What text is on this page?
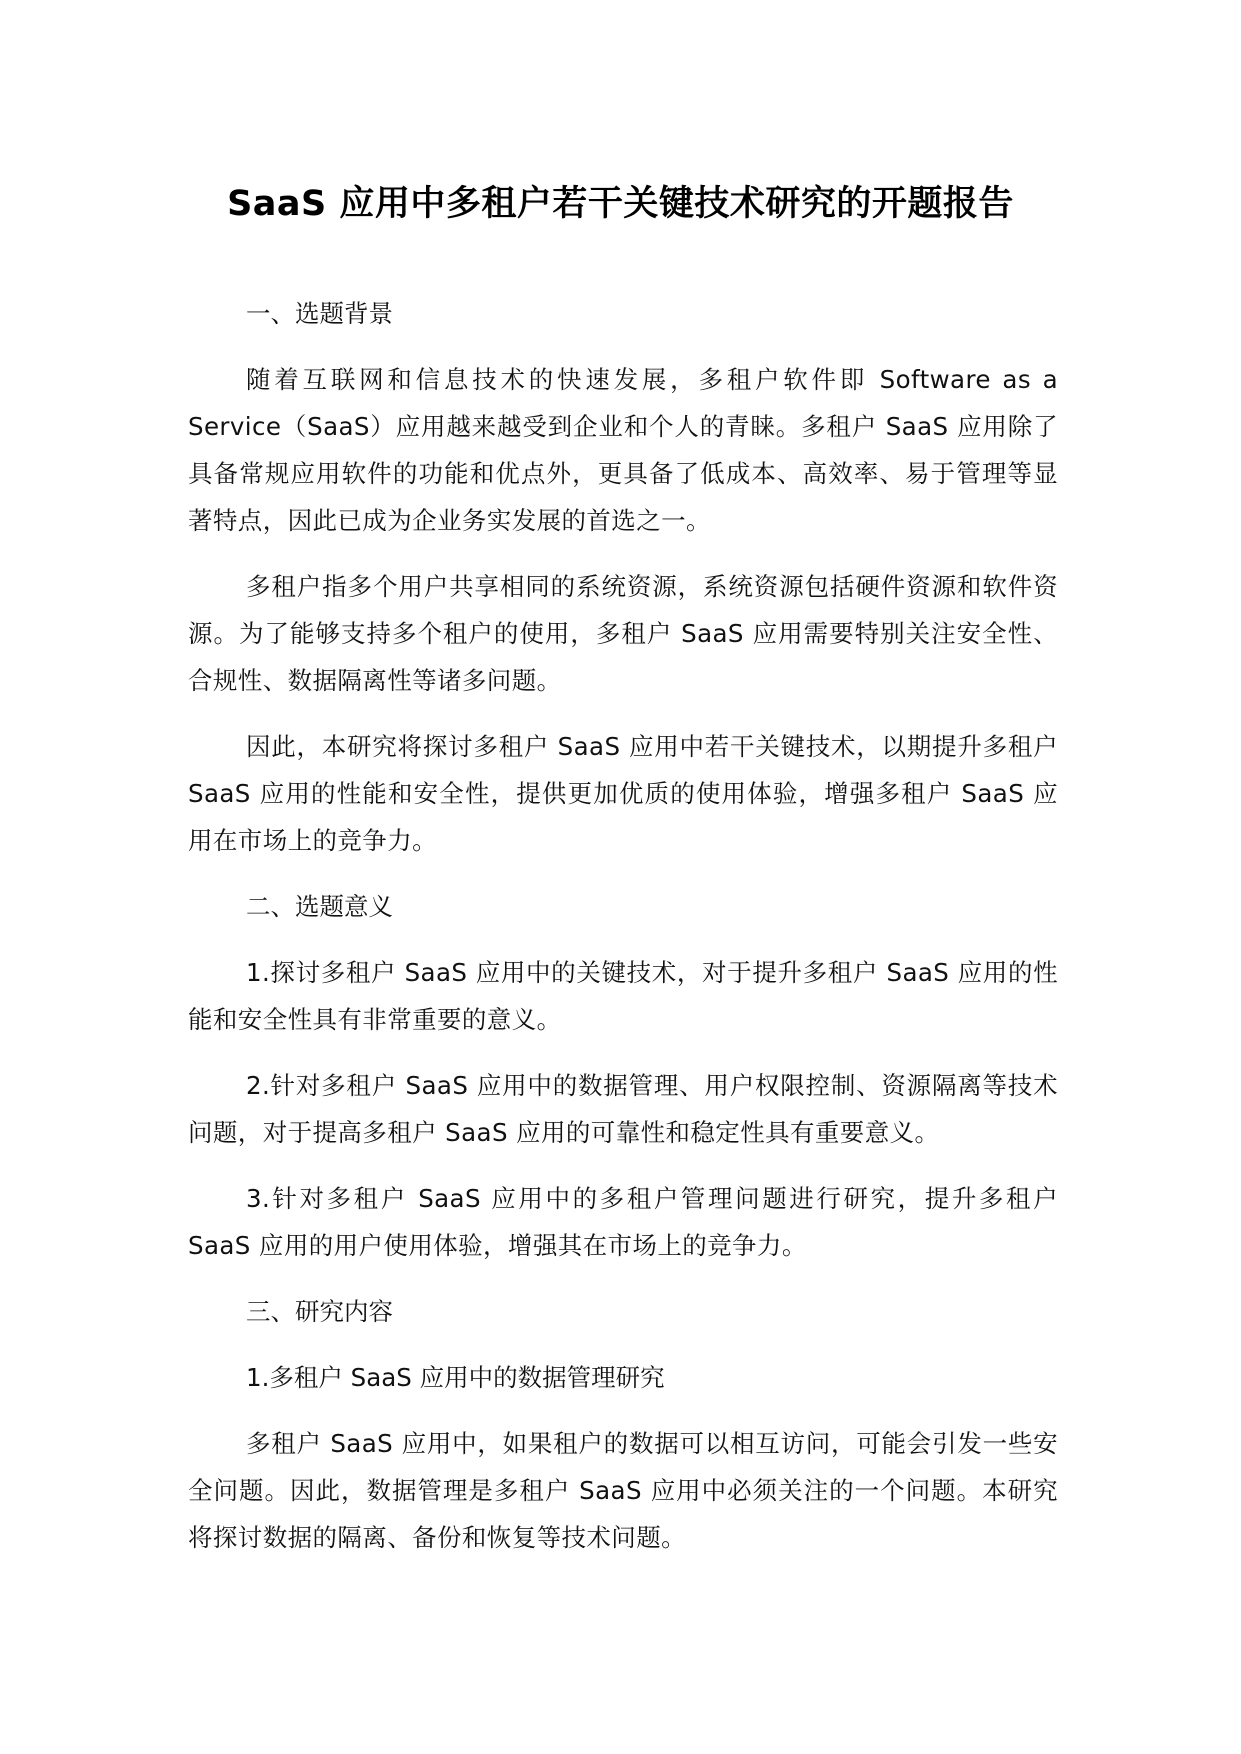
SaaS 应用中多租户若干关键技术研究的开题报告
一、选题背景

随着互联网和信息技术的快速发展，多租户软件即 Software as a Service（SaaS）应用越来越受到企业和个人的青睐。多租户 SaaS 应用除了具备常规应用软件的功能和优点外，更具备了低成本、高效率、易于管理等显著特点，因此已成为企业务实发展的首选之一。

多租户指多个用户共享相同的系统资源，系统资源包括硬件资源和软件资源。为了能够支持多个租户的使用，多租户 SaaS 应用需要特别关注安全性、合规性、数据隔离性等诸多问题。

因此，本研究将探讨多租户 SaaS 应用中若干关键技术，以期提升多租户 SaaS 应用的性能和安全性，提供更加优质的使用体验，增强多租户 SaaS 应用在市场上的竞争力。

二、选题意义

1.探讨多租户 SaaS 应用中的关键技术，对于提升多租户 SaaS 应用的性能和安全性具有非常重要的意义。

2.针对多租户 SaaS 应用中的数据管理、用户权限控制、资源隔离等技术问题，对于提高多租户 SaaS 应用的可靠性和稳定性具有重要意义。

3.针对多租户 SaaS 应用中的多租户管理问题进行研究，提升多租户 SaaS 应用的用户使用体验，增强其在市场上的竞争力。

三、研究内容
1.多租户 SaaS 应用中的数据管理研究

多租户 SaaS 应用中，如果租户的数据可以相互访问，可能会引发一些安全问题。因此，数据管理是多租户 SaaS 应用中必须关注的一个问题。本研究将探讨数据的隔离、备份和恢复等技术问题。
